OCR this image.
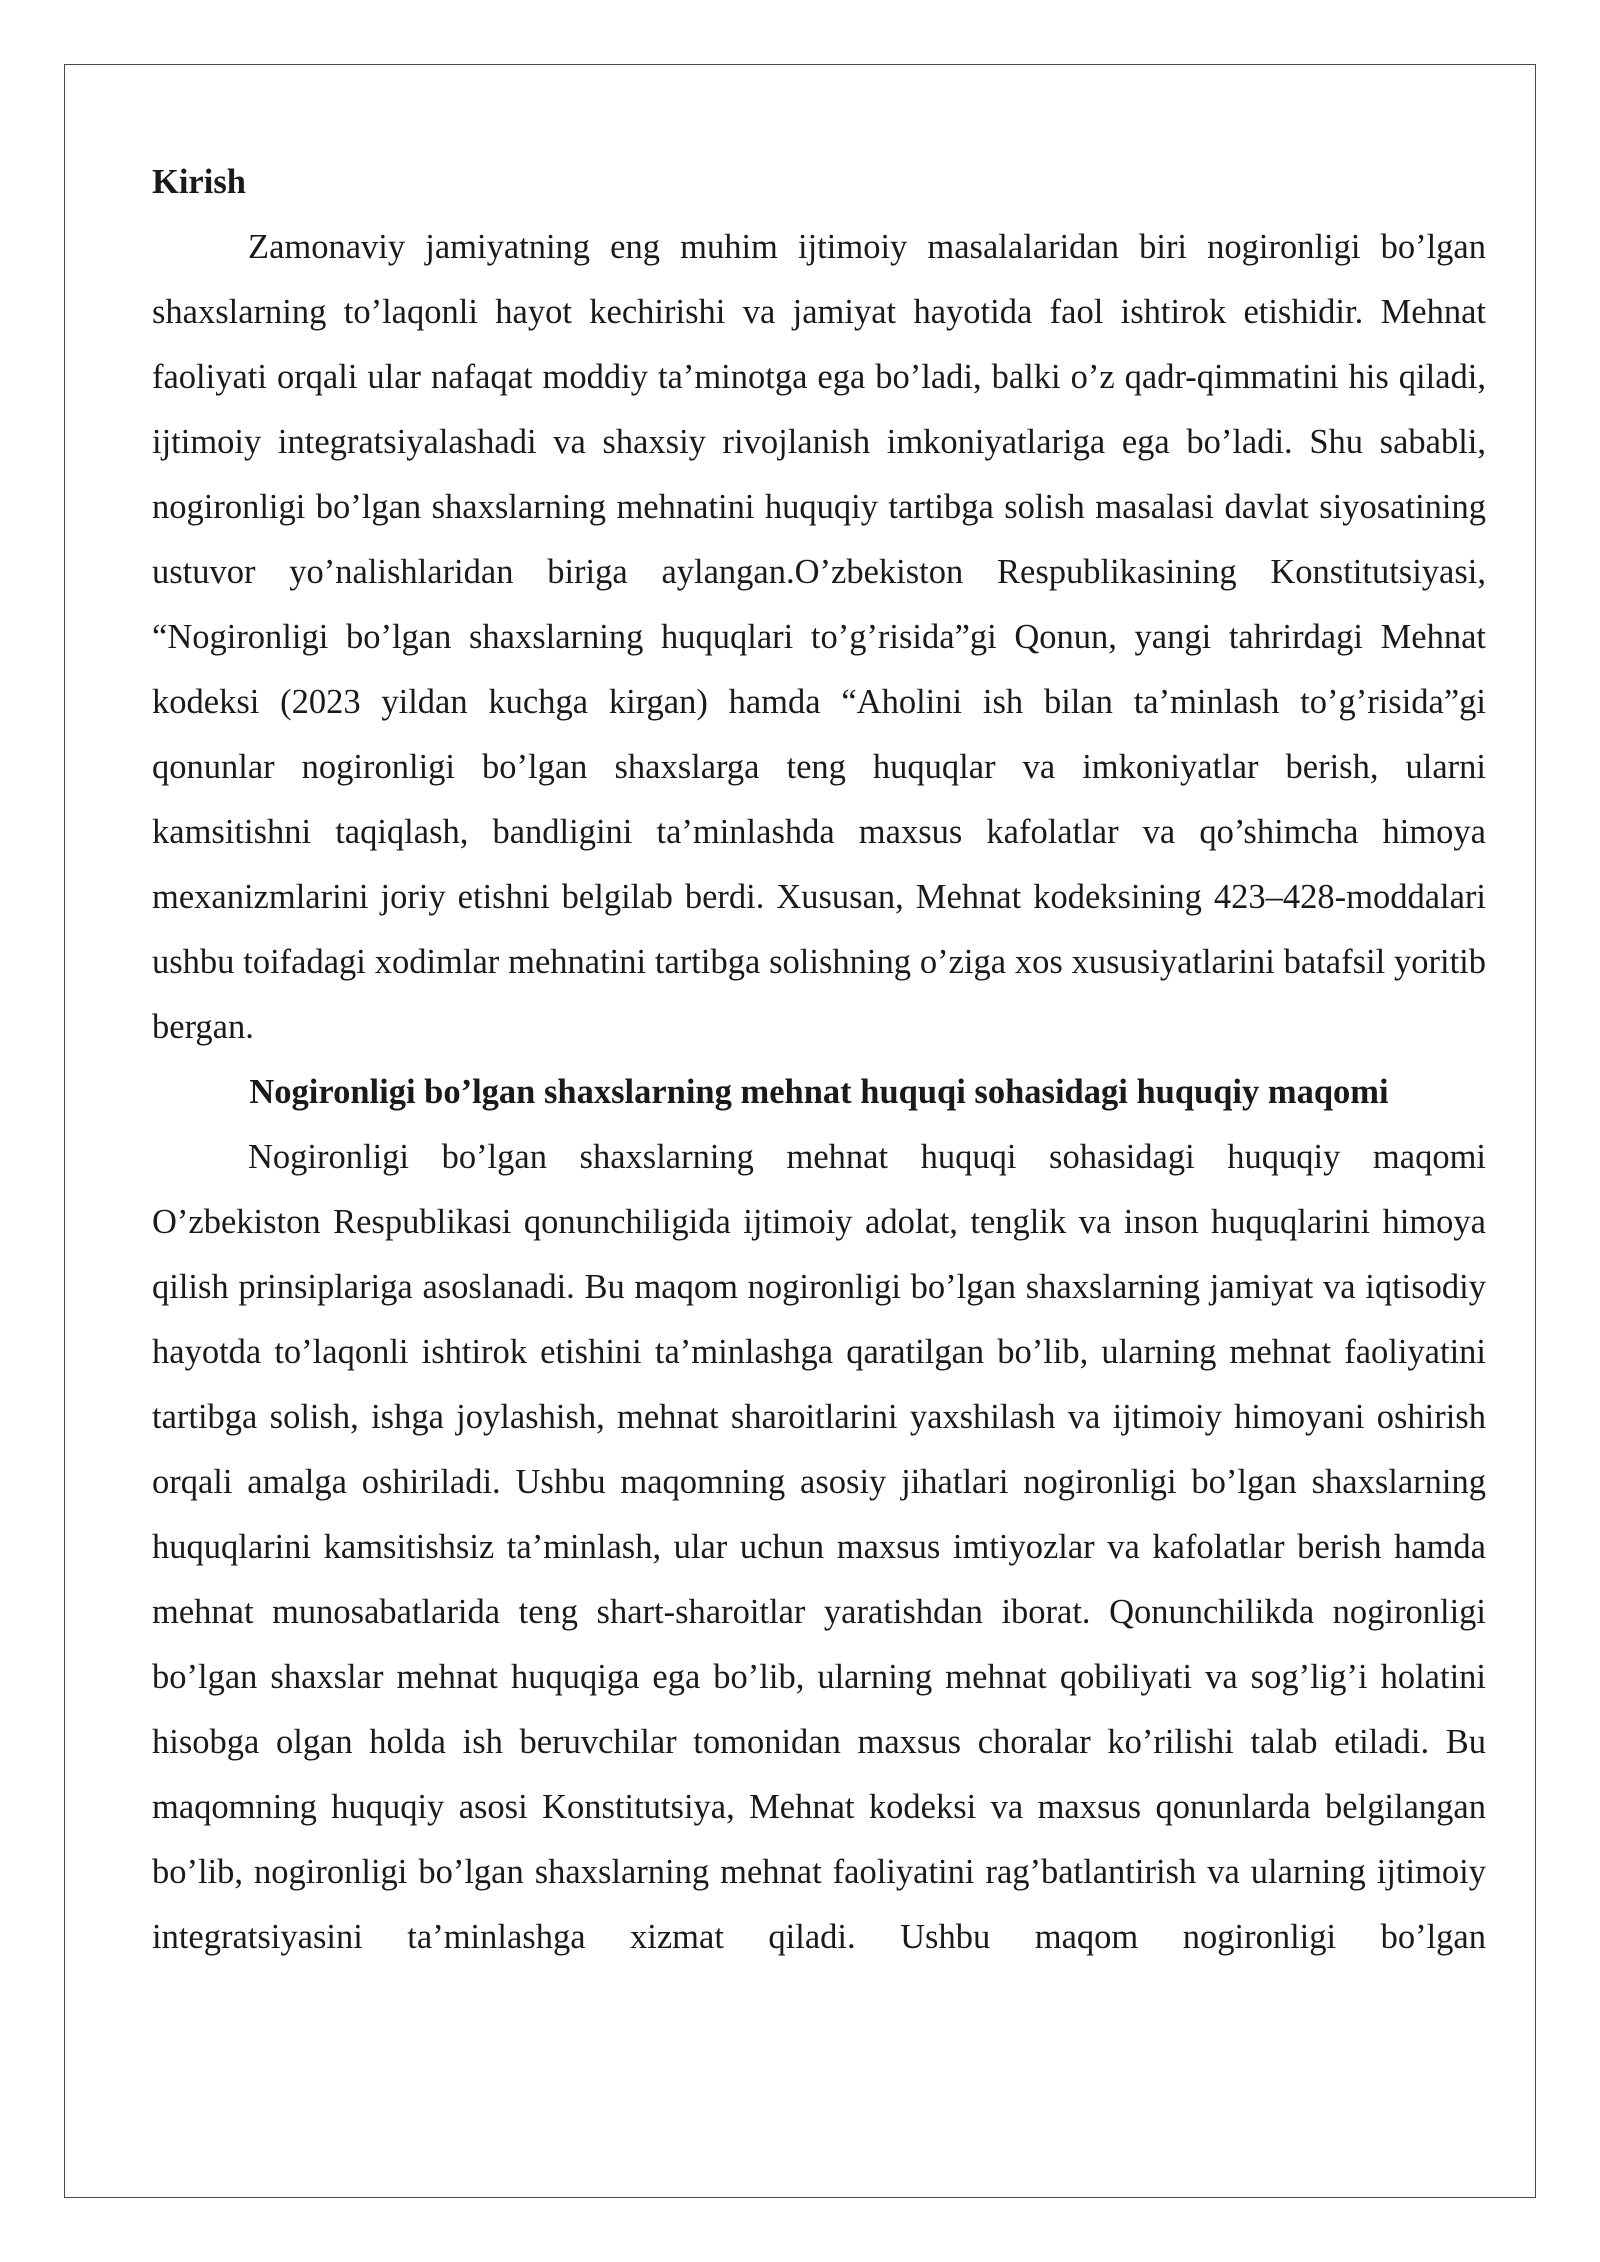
Kirish

Zamonaviy jamiyatning eng muhim ijtimoiy masalalaridan biri nogironligi bo’lgan shaxslarning to’laqonli hayot kechirishi va jamiyat hayotida faol ishtirok etishidir. Mehnat faoliyati orqali ular nafaqat moddiy ta’minotga ega bo’ladi, balki o’z qadr-qimmatini his qiladi, ijtimoiy integratsiyalashadi va shaxsiy rivojlanish imkoniyatlariga ega bo’ladi. Shu sababli, nogironligi bo’lgan shaxslarning mehnatini huquqiy tartibga solish masalasi davlat siyosatining ustuvor yo’nalishlaridan biriga aylangan.O’zbekiston Respublikasining Konstitutsiyasi, “Nogironligi bo’lgan shaxslarning huquqlari to’g’risida”gi Qonun, yangi tahrirdagi Mehnat kodeksi (2023 yildan kuchga kirgan) hamda “Aholini ish bilan ta’minlash to’g’risida”gi qonunlar nogironligi bo’lgan shaxslarga teng huquqlar va imkoniyatlar berish, ularni kamsitishni taqiqlash, bandligini ta’minlashda maxsus kafolatlar va qo’shimcha himoya mexanizmlarini joriy etishni belgilab berdi. Xususan, Mehnat kodeksining 423–428-moddalari ushbu toifadagi xodimlar mehnatini tartibga solishning o’ziga xos xususiyatlarini batafsil yoritib bergan.

Nogironligi bo’lgan shaxslarning mehnat huquqi sohasidagi huquqiy maqomi

Nogironligi bo’lgan shaxslarning mehnat huquqi sohasidagi huquqiy maqomi O’zbekiston Respublikasi qonunchiligida ijtimoiy adolat, tenglik va inson huquqlarini himoya qilish prinsiplariga asoslanadi. Bu maqom nogironligi bo’lgan shaxslarning jamiyat va iqtisodiy hayotda to’laqonli ishtirok etishini ta’minlashga qaratilgan bo’lib, ularning mehnat faoliyatini tartibga solish, ishga joylashish, mehnat sharoitlarini yaxshilash va ijtimoiy himoyani oshirish orqali amalga oshiriladi. Ushbu maqomning asosiy jihatlari nogironligi bo’lgan shaxslarning huquqlarini kamsitishsiz ta’minlash, ular uchun maxsus imtiyozlar va kafolatlar berish hamda mehnat munosabatlarida teng shart-sharoitlar yaratishdan iborat. Qonunchilikda nogironligi bo’lgan shaxslar mehnat huquqiga ega bo’lib, ularning mehnat qobiliyati va sog’lig’i holatini hisobga olgan holda ish beruvchilar tomonidan maxsus choralar ko’rilishi talab etiladi. Bu maqomning huquqiy asosi Konstitutsiya, Mehnat kodeksi va maxsus qonunlarda belgilangan bo’lib, nogironligi bo’lgan shaxslarning mehnat faoliyatini rag’batlantirish va ularning ijtimoiy integratsiyasini ta’minlashga xizmat qiladi. Ushbu maqom nogironligi bo’lgan
